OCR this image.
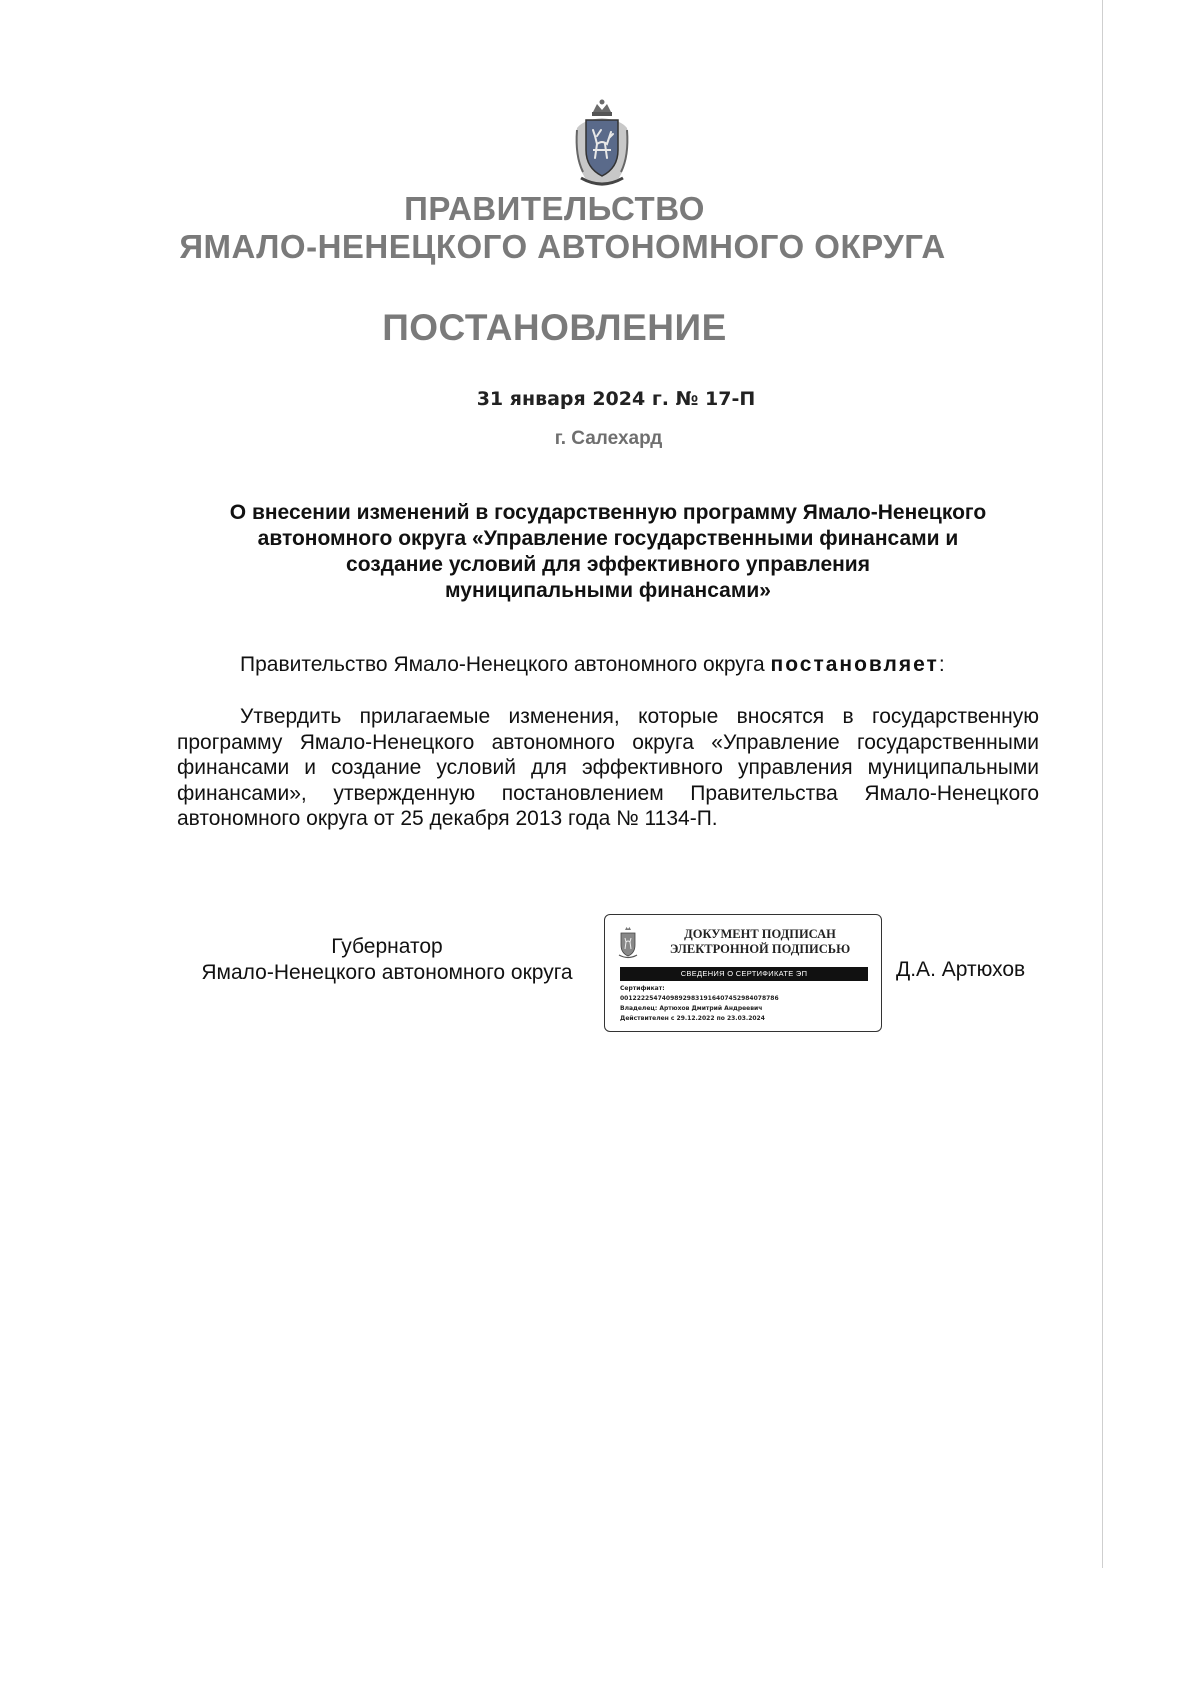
ПРАВИТЕЛЬСТВО

ЯМАЛО-НЕНЕЦКОГО АВТОНОМНОГО ОКРУГА

ПОСТАНОВЛЕНИЕ

31 января 2024 г. № 17-П
г. Салехард
О внесении изменений в государственную программу Ямало-Ненецкого
автономного округа «Управление государственными финансами и
создание условий для эффективного управления
муниципальными финансами»

Правительство Ямало-Ненецкого автономного округа постановляет:

Утвердить прилагаемые изменения, которые вносятся в государственную программу Ямало-Ненецкого автономного округа «Управление государственными финансами и создание условий для эффективного управления муниципальными финансами», утвержденную постановлением Правительства Ямало-Ненецкого автономного округа от 25 декабря 2013 года № 1134-П.

Губернатор
Ямало-Ненецкого автономного округа
ДОКУМЕНТ ПОДПИСАН
ЭЛЕКТРОННОЙ ПОДПИСЬЮ
СВЕДЕНИЯ О СЕРТИФИКАТЕ ЭП
Сертификат:
00122225474098929831916407452984078786
Владелец: Артюхов Дмитрий Андреевич
Действителен с 29.12.2022 по 23.03.2024
Д.А. Артюхов
